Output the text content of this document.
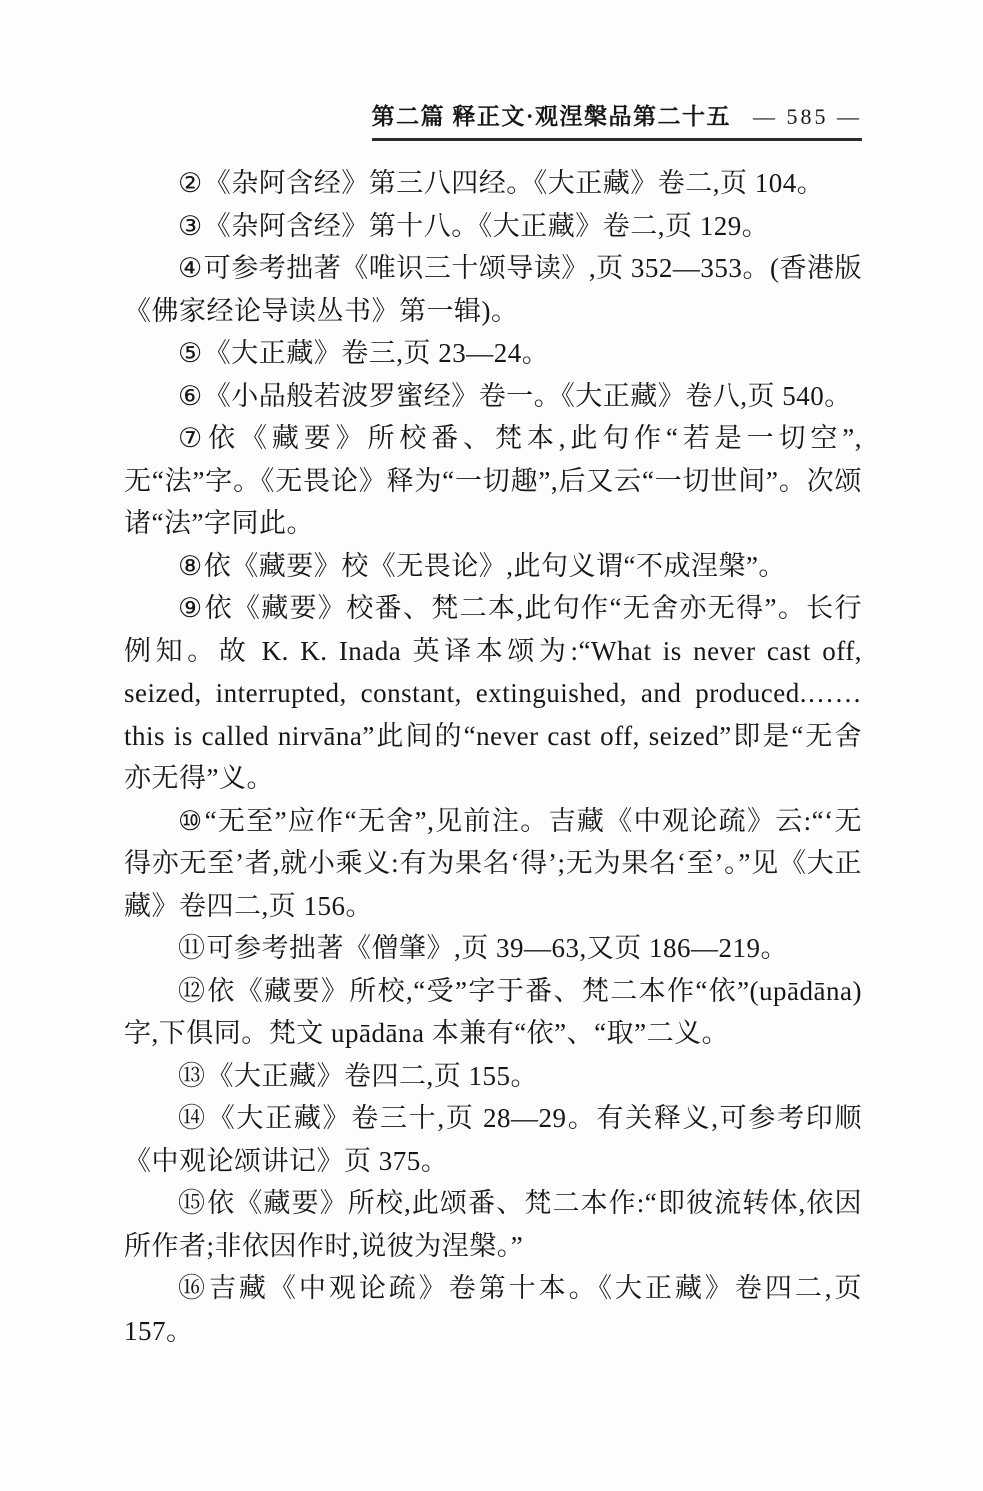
第二篇 释正文·观涅槃品第二十五 — 585 —

②《杂阿含经》第三八四经。《大正藏》卷二,页 104。

③《杂阿含经》第十八。《大正藏》卷二,页 129。

④可参考拙著《唯识三十颂导读》,页 352—353。(香港版《佛家经论导读丛书》第一辑)。

⑤《大正藏》卷三,页 23—24。

⑥《小品般若波罗蜜经》卷一。《大正藏》卷八,页 540。

⑦依《藏要》所校番、梵本,此句作“若是一切空”,无“法”字。《无畏论》释为“一切趣”,后又云“一切世间”。次颂诸“法”字同此。

⑧依《藏要》校《无畏论》,此句义谓“不成涅槃”。

⑨依《藏要》校番、梵二本,此句作“无舍亦无得”。长行例知。故 K. K. Inada 英译本颂为:“What is never cast off, seized, interrupted, constant, extinguished, and produced.……this is called nirvāna”此间的“never cast off, seized”即是“无舍亦无得”义。

⑩“无至”应作“无舍”,见前注。吉藏《中观论疏》云:“‘无得亦无至’者,就小乘义:有为果名‘得’;无为果名‘至’。”见《大正藏》卷四二,页 156。

⑪可参考拙著《僧肇》,页 39—63,又页 186—219。

⑫依《藏要》所校,“受”字于番、梵二本作“依”(upādāna)字,下俱同。梵文 upādāna 本兼有“依”、“取”二义。

⑬《大正藏》卷四二,页 155。

⑭《大正藏》卷三十,页 28—29。有关释义,可参考印顺《中观论颂讲记》页 375。

⑮依《藏要》所校,此颂番、梵二本作:“即彼流转体,依因所作者;非依因作时,说彼为涅槃。”

⑯吉藏《中观论疏》卷第十本。《大正藏》卷四二,页 157。
